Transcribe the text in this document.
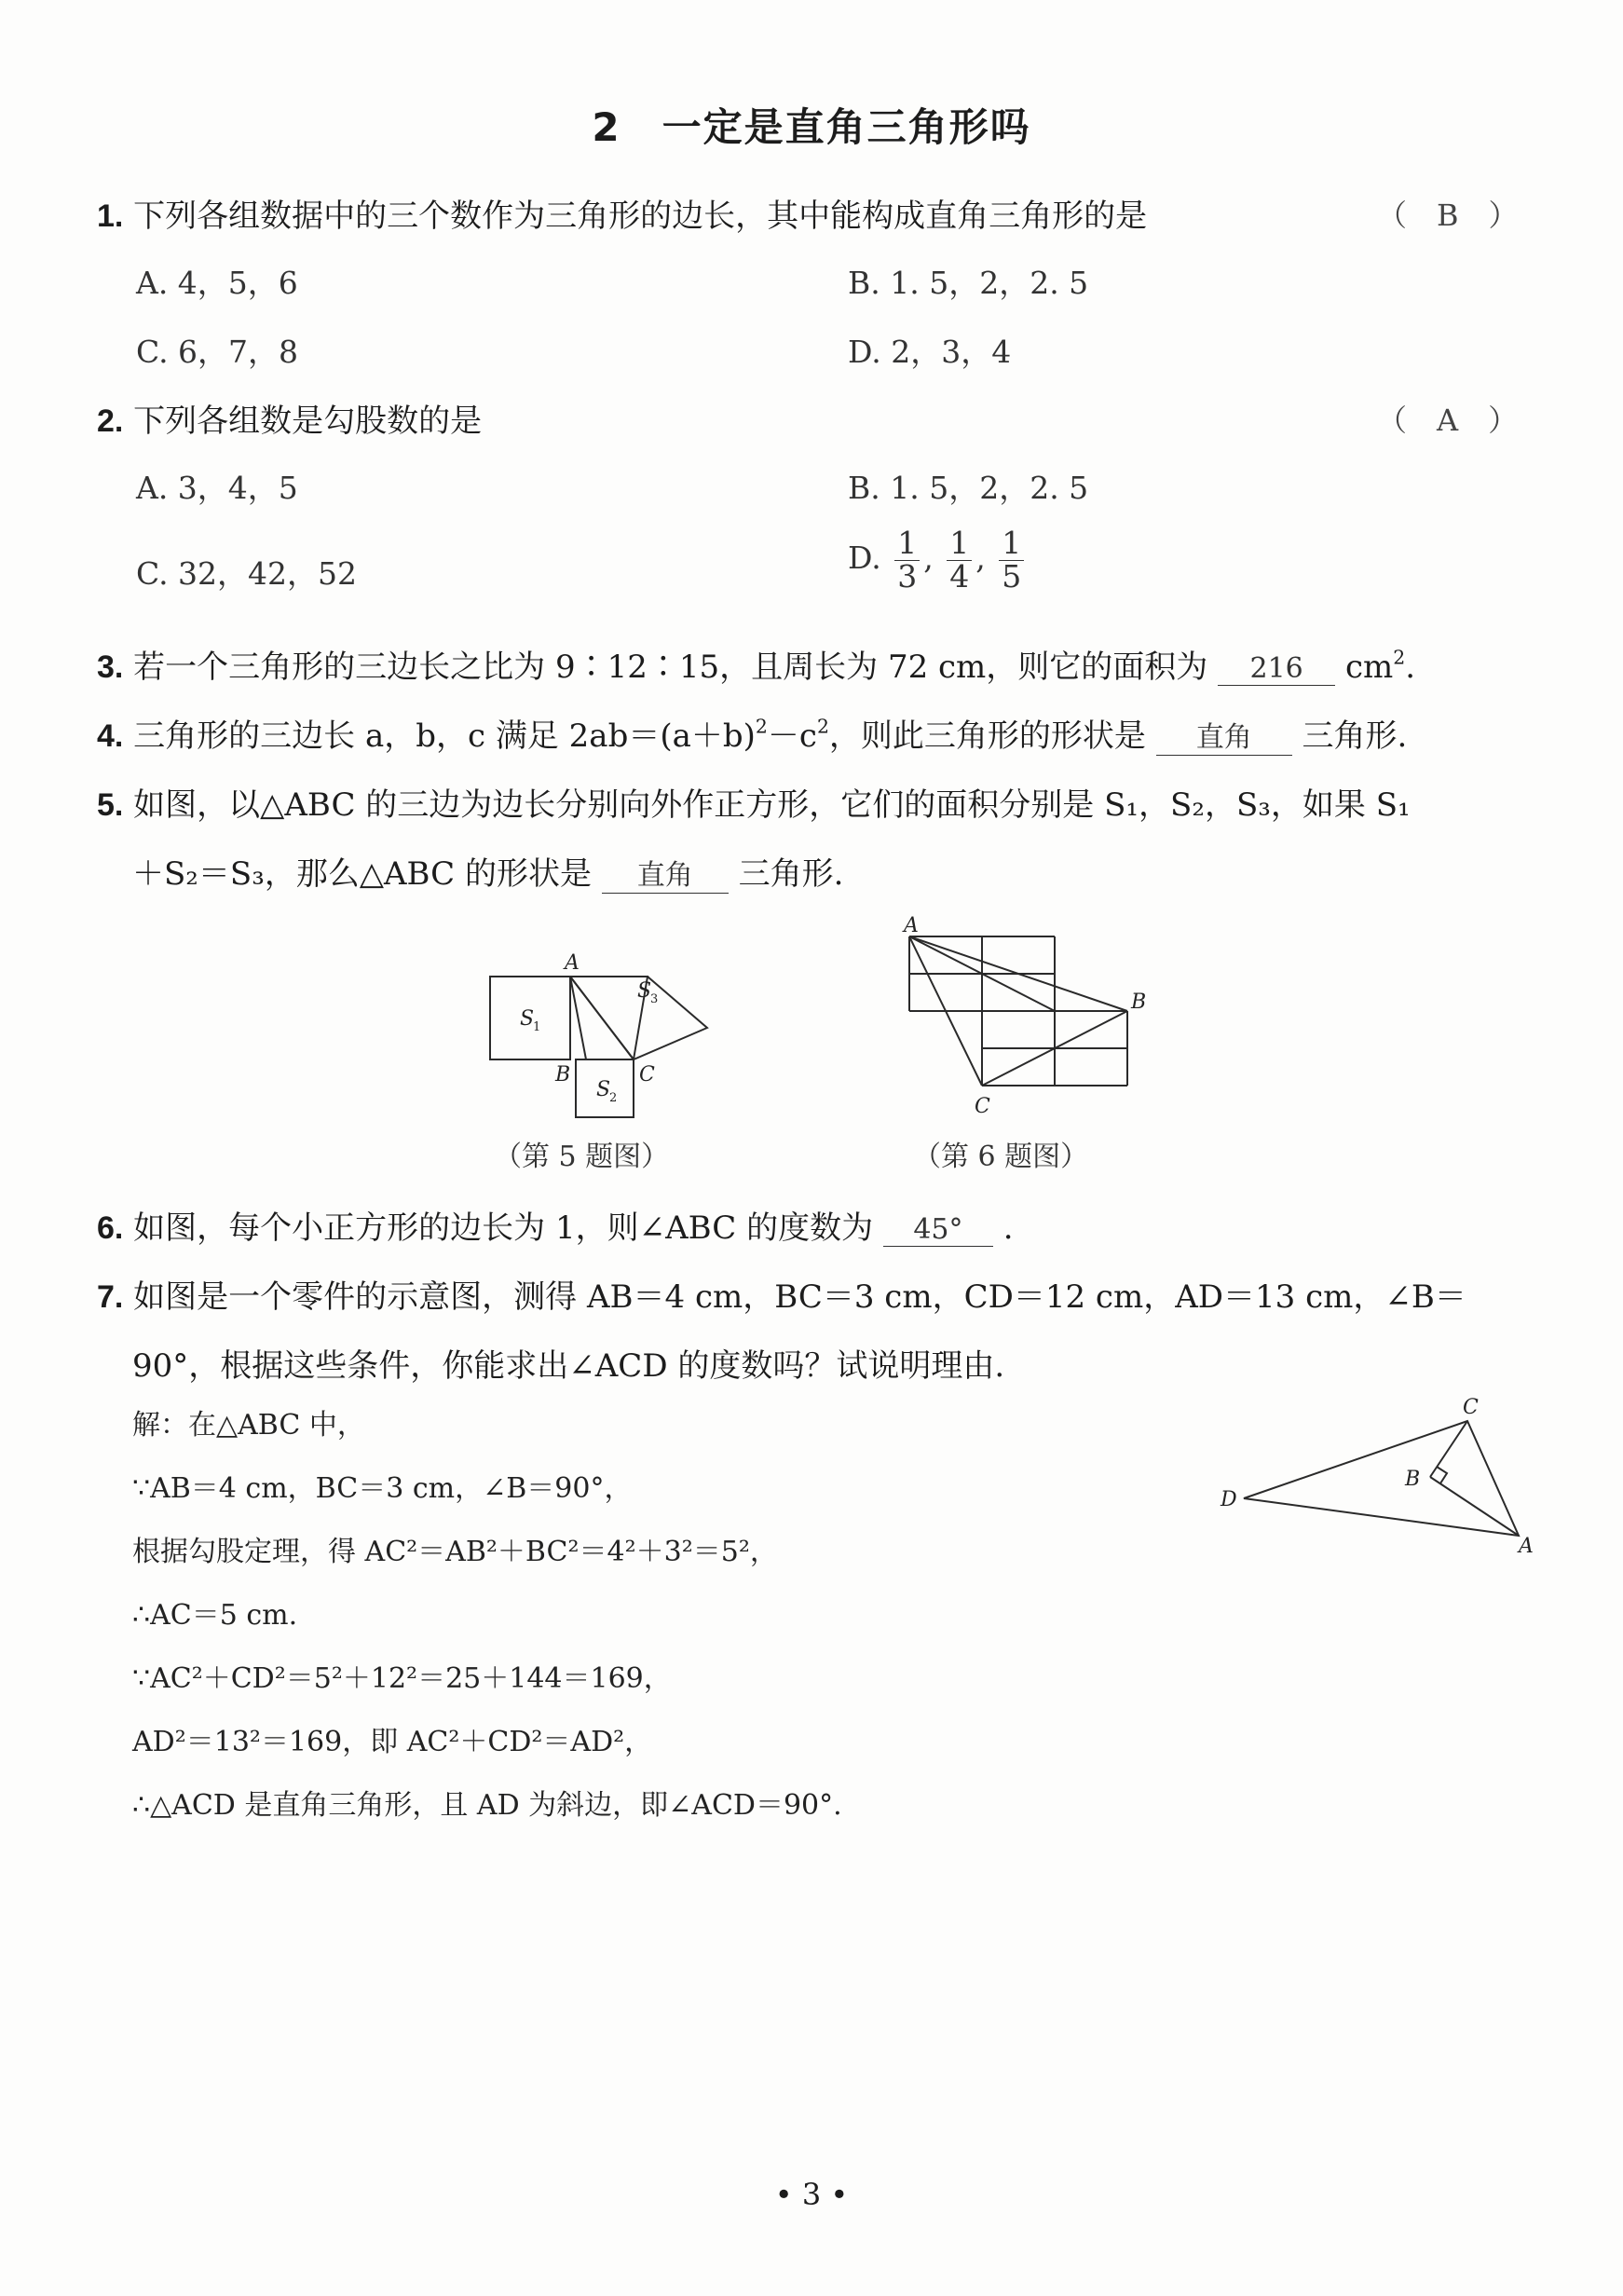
2　一定是直角三角形吗
1. 下列各组数据中的三个数作为三角形的边长，其中能构成直角三角形的是	（　B　）
A. 4，5，6	B. 1. 5，2，2. 5
C. 6，7，8	D. 2，3，4
2. 下列各组数是勾股数的是	（　A　）
A. 3，4，5	B. 1. 5，2，2. 5
C. 32，42，52	D. $\frac{1}{3}$ , $\frac{1}{4}$ , $\frac{1}{5}$
3. 若一个三角形的三边长之比为 9∶12∶15，且周长为 72 cm，则它的面积为 216 $cm^2$.
4. 三角形的三边长 a，b，c 满足 $2ab=(a+b)^2-c^2$，则此三角形的形状是 直角 三角形.
5. 如图，以△ABC 的三边为边长分别向外作正方形，它们的面积分别是 S₁，S₂，S₃，如果 S₁
＋S₂＝S₃，那么△ABC 的形状是 直角 三角形.
A
B	C
S
1
S
2
S
3
（第 5 题图）
A
B
C
（第 6 题图）
6. 如图，每个小正方形的边长为 1，则∠ABC 的度数为 45° .
7. 如图是一个零件的示意图，测得 AB＝4 cm，BC＝3 cm，CD＝12 cm，AD＝13 cm，∠B＝
90°，根据这些条件，你能求出∠ACD 的度数吗？试说明理由.
C
B
D
A
解：在△ABC 中，
∵AB＝4 cm，BC＝3 cm，∠B＝90°，
根据勾股定理，得 AC²＝AB²＋BC²＝4²＋3²＝5²，
∴AC＝5 cm.
∵AC²＋CD²＝5²＋12²＝25＋144＝169，
AD²＝13²＝169，即 AC²＋CD²＝AD²，
∴△ACD 是直角三角形，且 AD 为斜边，即∠ACD＝90°.
• 3 •
